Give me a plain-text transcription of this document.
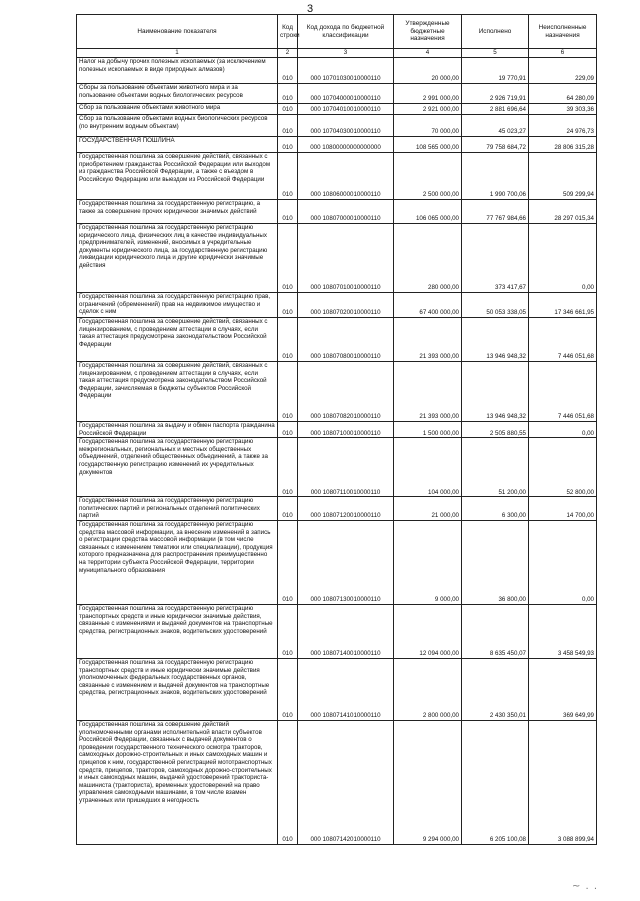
3
Наименование показателя	Код строки	Код дохода по бюджетной классификации	Утвержденные бюджетные назначения	Исполнено	Неисполненные назначения
1	2	3	4	5	6
Налог на добычу прочих полезных ископаемых (за исключением полезных ископаемых в виде природных алмазов)	010	000 10701030010000110	20 000,00	19 770,91	229,09
Сборы за пользование объектами животного мира и за пользование объектами водных биологических ресурсов	010	000 10704000010000110	2 991 000,00	2 926 719,91	64 280,09
Сбор за пользование объектами животного мира	010	000 10704010010000110	2 921 000,00	2 881 696,64	39 303,36
Сбор за пользование объектами водных биологических ресурсов (по внутренним водным объектам)	010	000 10704030010000110	70 000,00	45 023,27	24 976,73
ГОСУДАРСТВЕННАЯ ПОШЛИНА	010	000 10800000000000000	108 565 000,00	79 758 684,72	28 806 315,28
Государственная пошлина за совершение действий, связанных с приобретением гражданства Российской Федерации или выходом из гражданства Российской Федерации, а также с въездом в Российскую Федерацию или выездом из Российской Федерации	010	000 10806000010000110	2 500 000,00	1 990 700,06	509 299,94
Государственная пошлина за государственную регистрацию, а также за совершение прочих юридически значимых действий	010	000 10807000010000110	106 065 000,00	77 767 984,66	28 297 015,34
Государственная пошлина за государственную регистрацию юридического лица, физических лиц в качестве индивидуальных предпринимателей, изменений, вносимых в учредительные документы юридического лица, за государственную регистрацию ликвидации юридического лица и другие юридически значимые действия	010	000 10807010010000110	280 000,00	373 417,67	0,00
Государственная пошлина за государственную регистрацию прав, ограничений (обременений) прав на недвижимое имущество и сделок с ним	010	000 10807020010000110	67 400 000,00	50 053 338,05	17 346 661,95
Государственная пошлина за совершение действий, связанных с лицензированием, с проведением аттестации в случаях, если такая аттестация предусмотрена законодательством Российской Федерации	010	000 10807080010000110	21 393 000,00	13 946 948,32	7 446 051,68
Государственная пошлина за совершение действий, связанных с лицензированием, с проведением аттестации в случаях, если такая аттестация предусмотрена законодательством Российской Федерации, зачисляемая в бюджеты субъектов Российской Федерации	010	000 10807082010000110	21 393 000,00	13 946 948,32	7 446 051,68
Государственная пошлина за выдачу и обмен паспорта гражданина Российской Федерации	010	000 10807100010000110	1 500 000,00	2 505 880,55	0,00
Государственная пошлина за государственную регистрацию межрегиональных, региональных и местных общественных объединений, отделений общественных объединений, а также за государственную регистрацию изменений их учредительных документов	010	000 10807110010000110	104 000,00	51 200,00	52 800,00
Государственная пошлина за государственную регистрацию политических партий и региональных отделений политических партий	010	000 10807120010000110	21 000,00	6 300,00	14 700,00
Государственная пошлина за государственную регистрацию средства массовой информации, за внесение изменений в запись о регистрации средства массовой информации (в том числе связанных с изменением тематики или специализации), продукция которого предназначена для распространения преимущественно на территории субъекта Российской Федерации, территории муниципального образования	010	000 10807130010000110	9 000,00	36 800,00	0,00
Государственная пошлина за государственную регистрацию транспортных средств и иные юридически значимые действия, связанные с изменениями и выдачей документов на транспортные средства, регистрационных знаков, водительских удостоверений	010	000 10807140010000110	12 094 000,00	8 635 450,07	3 458 549,93
Государственная пошлина за государственную регистрацию транспортных средств и иные юридически значимые действия уполномоченных федеральных государственных органов, связанные с изменением и выдачей документов на транспортные средства, регистрационных знаков, водительских удостоверений	010	000 10807141010000110	2 800 000,00	2 430 350,01	369 649,99
Государственная пошлина за совершение действий уполномоченными органами исполнительной власти субъектов Российской Федерации, связанных с выдачей документов о проведении государственного технического осмотра тракторов, самоходных дорожно-строительных и иных самоходных машин и прицепов к ним, государственной регистрацией мототранспортных средств, прицепов, тракторов, самоходных дорожно-строительных и иных самоходных машин, выдачей удостоверений тракториста-машиниста (тракториста), временных удостоверений на право управления самоходными машинами, в том числе взамен утраченных или пришедших в негодность	010	000 10807142010000110	9 294 000,00	6 205 100,08	3 088 899,94
~ . .
